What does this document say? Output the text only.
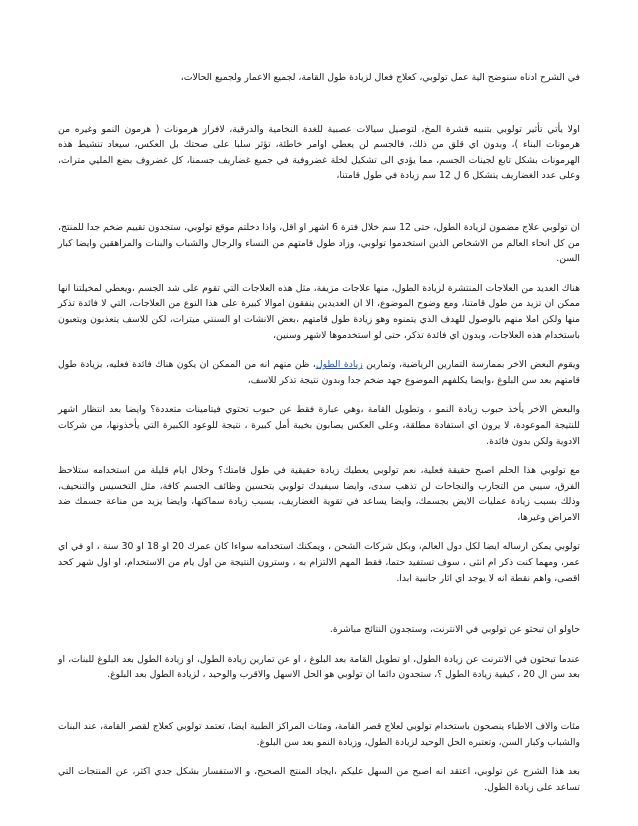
في الشرح ادناه سنوضح الية عمل تولوبي، كعلاج فعال لزيادة طول القامة، لجميع الاعمار ولجميع الحالات،

اولا يأتي تأثير تولوبي بتنبيه قشرة المخ، لتوصيل سيالات عصبية للغدة النخامية والدرقية، لافراز هرمونات ( هرمون النمو وغيره من هرمونات البناء )، وبدون اي قلق من ذلك، فالجسم لن يعطي اوامر خاطئة، تؤثر سلبا على صحتك بل العكس، سيعاد تنشيط هذه الهرمونات بشكل تابع لجينات الجسم، مما يؤدي الى تشكيل لخلة غضروفية في جميع غضاريف جسمنا، كل غضروف بضع المليي مترات، وعلى عدد الغضاريف يتشكل 6 ل 12 سم زيادة في طول قامتنا،

ان تولوبي علاج مضمون لزيادة الطول، حتى 12 سم خلال فترة 6 اشهر او اقل، واذا دخلتم موقع تولوبي، ستجدون تقييم ضخم جدا للمنتج، من كل انحاء العالم من الاشخاص الذين استخدموا تولوبي، وزاد طول قامتهم من النساء والرجال والشباب والبنات والمراهقين وايضا كبار السن.

هناك العديد من العلاجات المنتشرة لزيادة الطول، منها علاجات مزيفة، مثل هذه العلاجات التي تقوم على شد الجسم ،ويعطي لمخيلتنا انها ممكن ان تزيد من طول قامتنا، ومع وضوح الموضوع، الا ان العديدين ينفقون اموالا كبيرة على هذا النوع من العلاجات، التي لا فائدة تذكر منها ولكن املا منهم بالوصول للهدف الذي يتمنوه وهو زيادة طول قامتهم ،بعض الانشات او السنتي ميترات، لكن للاسف يتعذبون ويتعبون باستخدام هذه العلاجات، وبدون اي فائدة تذكر، حتى لو استخدموها لاشهر وسنين،

ويقوم البعض الاخر بممارسة التمارين الرياضية، وتمارين زيادة الطول، ظن منهم انه من الممكن ان يكون هناك فائدة فعليه، بزيادة طول قامتهم بعد سن البلوغ ،وايضا يكلفهم الموضوع جهد ضخم جدا وبدون نتيجة تذكر للاسف،

والبعض الاخر يأخذ حبوب زيادة النمو ، وتطويل القامة ،وهي عبارة فقط عن حبوب تحتوي فيتامينات متعددة؟ وايضا بعد انتظار اشهر للنتيجة الموعودة، لا يرون اي استفادة مطلقة، وعلى العكس يصابون بخيبة أمل كبيرة ، نتيجة للوعود الكبيرة التي يأخذونها، من شركات الادوية ولكن بدون فائدة.

مع تولوبي هذا الحلم اصبح حقيقة فعلية، نعم تولوبي يعطيك زيادة حقيقية في طول قامتك؟ وخلال ايام قليلة من استخدامه ستلاحظ الفرق، سيبي من التجارب والنجاحات لن تذهب سدى، وايضا سيفيدك تولوبي بتحسين وظائف الجسم كافة، مثل التخسيس والتنحيف، وذلك بسبب زيادة عمليات الايض بجسمك، وايضا يساعد في تقوية الغضاريف، بسبب زيادة سماكتها، وايضا يزيد من مناعة جسمك ضد الامراض وغيرها،

تولوبي يمكن ارساله ايضا لكل دول العالم، وبكل شركات الشحن ، ويمكنك استخدامه سواءا كان عمرك 20 او 18 او 30 سنة ، او في اي عمر، ومهما كنت ذكر ام انثى ، سوف تستفيد حتما، فقط المهم الالتزام به ، وسترون النتيجة من اول يام من الاستخدام، او اول شهر كحد اقصى، واهم نقطة انه لا يوجد اي اثار جانبية ابدا.

حاولو ان تبحثو عن تولوبي في الانترنت، وستجدون النتائج مباشرة.

عندما تبحثون في الانترنت عن زيادة الطول، او تطويل القامة بعد البلوغ ، او عن تمارين زيادة الطول، او زيادة الطول بعد البلوغ للبنات، او بعد سن ال 20 ، كيفية زيادة الطول ؟، ستجدون دائما ان تولوبي هو الحل الاسهل والاقرب والوحيد ، لزيادة الطول بعد البلوغ.

مئات والاف الاطباء ينصحون باستخدام تولوبي لعلاج قصر القامة، ومئات المراكز الطبية ايضا، تعتمد تولوبي كعلاج لقصر القامة، عند البنات والشباب وكبار السن، وتعتبره الحل الوحيد لزيادة الطول، وزيادة النمو بعد سن البلوغ.

بعد هذا الشرح عن تولوبي، اعتقد انه اصبح من السهل عليكم ،ايجاد المنتج الصحيح، و الاستفسار بشكل جدي اكثر، عن المنتجات التي تساعد على زيادة الطول.
